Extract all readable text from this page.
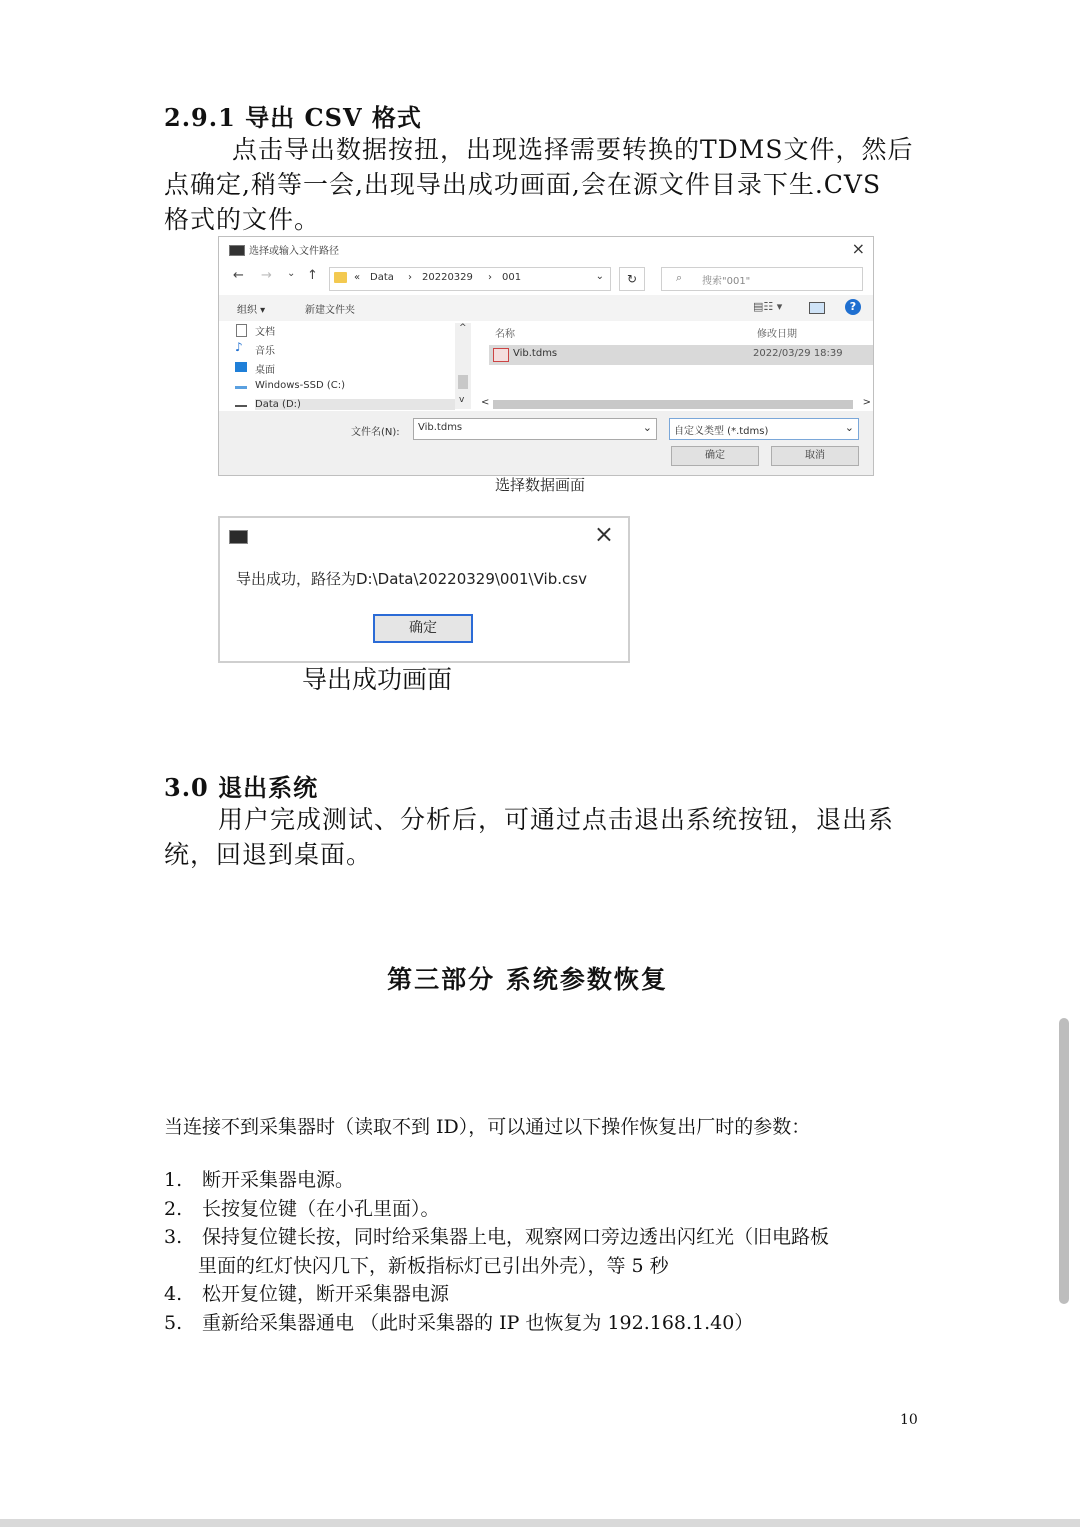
2.9.1 导出 CSV 格式
点击导出数据按扭，出现选择需要转换的TDMS文件，然后
点确定,稍等一会,出现导出成功画面,会在源文件目录下生.CVS
格式的文件。
选择或输入文件路径	×
← → ⌄ ↑	« Data › 20220329 › 001	⌄	↻	⌕ 搜索"001"
组织 ▾	新建文件夹	▤☷ ▾	?
文档
♪ 音乐
桌面
Windows-SSD (C:)
Data (D:)
^
v
名称	修改日期
Vib.tdms	2022/03/29 18:39
<	>
文件名(N): Vib.tdms	⌄ 自定义类型 (*.tdms)	⌄
确定	取消
选择数据画面
×
导出成功，路径为D:\Data\20220329\001\Vib.csv
确定
导出成功画面
3.0 退出系统
用户完成测试、分析后，可通过点击退出系统按钮，退出系
统，回退到桌面。
第三部分 系统参数恢复
当连接不到采集器时（读取不到 ID），可以通过以下操作恢复出厂时的参数：
1. 断开采集器电源。
2. 长按复位键（在小孔里面）。
3. 保持复位键长按，同时给采集器上电，观察网口旁边透出闪红光（旧电路板
里面的红灯快闪几下，新板指标灯已引出外壳），等 5 秒
4. 松开复位键，断开采集器电源
5. 重新给采集器通电 （此时采集器的 IP 也恢复为 192.168.1.40）
10
